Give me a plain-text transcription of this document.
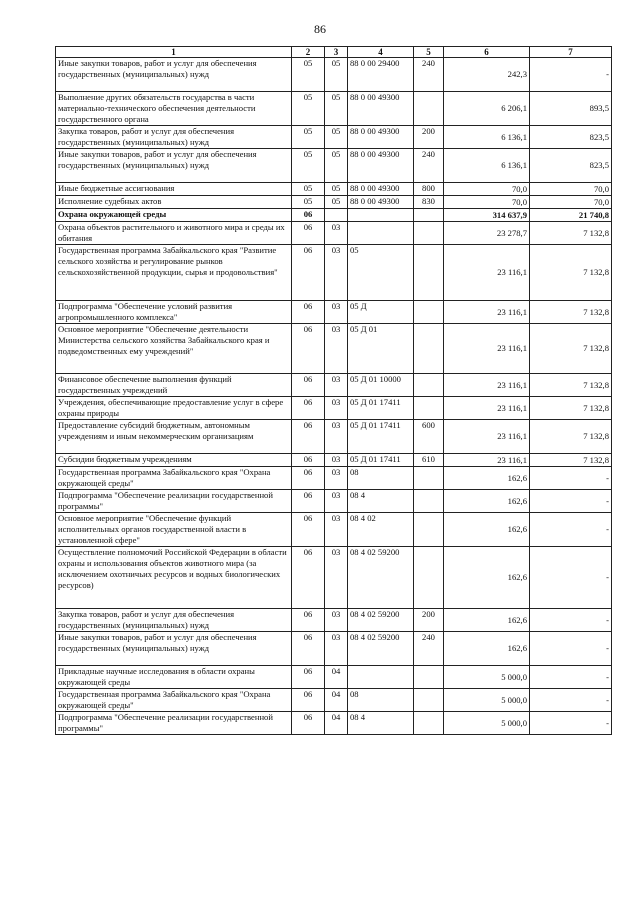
86
1	2	3	4	5	6	7
Иные закупки товаров, работ и услуг для обеспечения государственных (муниципальных) нужд	05	05	88 0 00 29400	240	242,3	-
Выполнение других обязательств государства в части материально-технического обеспечения деятельности государственного органа	05	05	88 0 00 49300		6 206,1	893,5
Закупка товаров, работ и услуг для обеспечения государственных (муниципальных) нужд	05	05	88 0 00 49300	200	6 136,1	823,5
Иные закупки товаров, работ и услуг для обеспечения государственных (муниципальных) нужд	05	05	88 0 00 49300	240	6 136,1	823,5
Иные бюджетные ассигнования	05	05	88 0 00 49300	800	70,0	70,0
Исполнение судебных актов	05	05	88 0 00 49300	830	70,0	70,0
Охрана окружающей среды	06				314 637,9	21 740,8
Охрана объектов растительного и животного мира и среды их обитания	06	03			23 278,7	7 132,8
Государственная программа Забайкальского края "Развитие сельского хозяйства и регулирование рынков сельскохозяйственной продукции, сырья и продовольствия"	06	03	05		23 116,1	7 132,8
Подпрограмма "Обеспечение условий развития агропромышленного комплекса"	06	03	05 Д		23 116,1	7 132,8
Основное мероприятие "Обеспечение деятельности Министерства сельского хозяйства Забайкальского края и подведомственных ему учреждений"	06	03	05 Д 01		23 116,1	7 132,8
Финансовое обеспечение выполнения функций государственных учреждений	06	03	05 Д 01 10000		23 116,1	7 132,8
Учреждения, обеспечивающие предоставление услуг в сфере охраны природы	06	03	05 Д 01 17411		23 116,1	7 132,8
Предоставление субсидий бюджетным, автономным учреждениям и иным некоммерческим организациям	06	03	05 Д 01 17411	600	23 116,1	7 132,8
Субсидии бюджетным учреждениям	06	03	05 Д 01 17411	610	23 116,1	7 132,8
Государственная программа Забайкальского края "Охрана окружающей среды"	06	03	08		162,6	-
Подпрограмма "Обеспечение реализации государственной программы"	06	03	08 4		162,6	-
Основное мероприятие "Обеспечение функций исполнительных органов государственной власти в установленной сфере"	06	03	08 4 02		162,6	-
Осуществление полномочий Российской Федерации в области охраны и использования объектов животного мира (за исключением охотничьих ресурсов и водных биологических ресурсов)	06	03	08 4 02 59200		162,6	-
Закупка товаров, работ и услуг для обеспечения государственных (муниципальных) нужд	06	03	08 4 02 59200	200	162,6	-
Иные закупки товаров, работ и услуг для обеспечения государственных (муниципальных) нужд	06	03	08 4 02 59200	240	162,6	-
Прикладные научные исследования в области охраны окружающей среды	06	04			5 000,0	-
Государственная программа Забайкальского края "Охрана окружающей среды"	06	04	08		5 000,0	-
Подпрограмма "Обеспечение реализации государственной программы"	06	04	08 4		5 000,0	-
